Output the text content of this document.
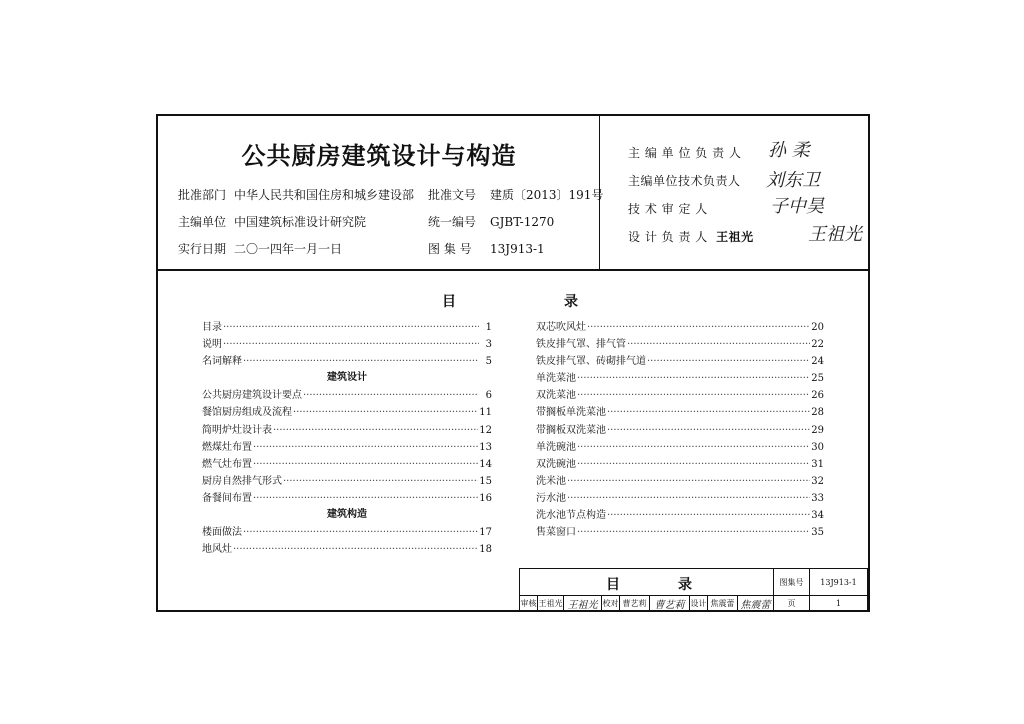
公共厨房建筑设计与构造
批准部门 中华人民共和国住房和城乡建设部 批准文号 建质〔2013〕191号
主编单位 中国建筑标准设计研究院	统一编号 GJBT-1270
实行日期 二〇一四年一月一日	图 集 号 13J913-1
主 编 单 位 负 责 人 孙 柔
主编单位技术负责人 刘东卫
技 术 审 定 人	子中昊
设 计 负 责 人 王祖光	王祖光
目	录
目录 ·····	1
说明 ·····	3
名词解释 ·····	5
建筑设计
公共厨房建筑设计要点 ·····	6
餐馆厨房组成及流程 ·····	11
简明炉灶设计表 ·····	12
燃煤灶布置 ·····	13
燃气灶布置 ·····	14
厨房自然排气形式 ·····	15
备餐间布置 ·····	16
建筑构造
楼面做法 ·····	17
地风灶 ·····	18
双芯吹风灶 ·····	20
铁皮排气罩、排气管 ·····	22
铁皮排气罩、砖砌排气道 ·····	24
单洗菜池 ·····	25
双洗菜池 ·····	26
带搁板单洗菜池 ·····	28
带搁板双洗菜池 ·····	29
单洗碗池 ·····	30
双洗碗池 ·····	31
洗米池 ·····	32
污水池 ·····	33
洗水池节点构造 ·····	34
售菜窗口 ·····	35
目	录	图集号	13J913-1
审核 王祖光 王祖光 校对 曹艺莉 曹艺莉 设计 焦震蕾 焦震蕾	页	1
